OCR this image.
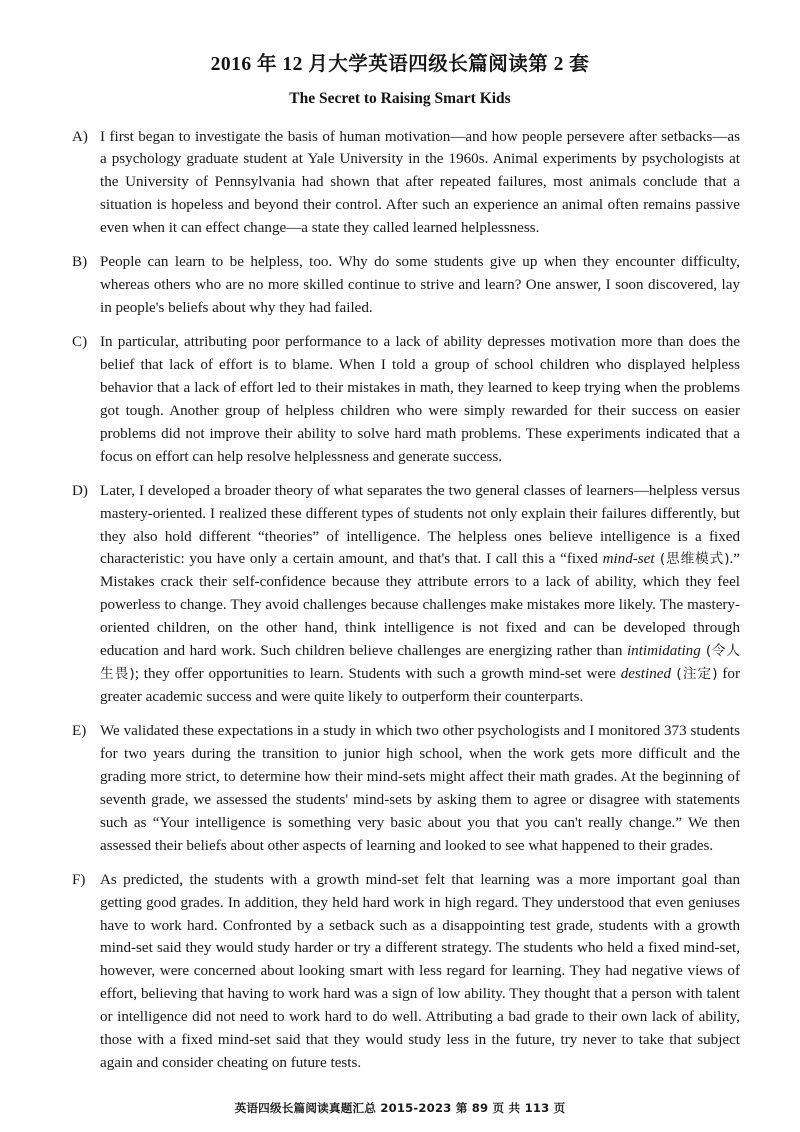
2016 年 12 月大学英语四级长篇阅读第 2 套
The Secret to Raising Smart Kids
A) I first began to investigate the basis of human motivation—and how people persevere after setbacks—as a psychology graduate student at Yale University in the 1960s. Animal experiments by psychologists at the University of Pennsylvania had shown that after repeated failures, most animals conclude that a situation is hopeless and beyond their control. After such an experience an animal often remains passive even when it can effect change—a state they called learned helplessness.
B) People can learn to be helpless, too. Why do some students give up when they encounter difficulty, whereas others who are no more skilled continue to strive and learn? One answer, I soon discovered, lay in people's beliefs about why they had failed.
C) In particular, attributing poor performance to a lack of ability depresses motivation more than does the belief that lack of effort is to blame. When I told a group of school children who displayed helpless behavior that a lack of effort led to their mistakes in math, they learned to keep trying when the problems got tough. Another group of helpless children who were simply rewarded for their success on easier problems did not improve their ability to solve hard math problems. These experiments indicated that a focus on effort can help resolve helplessness and generate success.
D) Later, I developed a broader theory of what separates the two general classes of learners—helpless versus mastery-oriented. I realized these different types of students not only explain their failures differently, but they also hold different “theories” of intelligence. The helpless ones believe intelligence is a fixed characteristic: you have only a certain amount, and that's that. I call this a “fixed mind-set (思维模式).” Mistakes crack their self-confidence because they attribute errors to a lack of ability, which they feel powerless to change. They avoid challenges because challenges make mistakes more likely. The mastery-oriented children, on the other hand, think intelligence is not fixed and can be developed through education and hard work. Such children believe challenges are energizing rather than intimidating (令人生畏); they offer opportunities to learn. Students with such a growth mind-set were destined (注定) for greater academic success and were quite likely to outperform their counterparts.
E) We validated these expectations in a study in which two other psychologists and I monitored 373 students for two years during the transition to junior high school, when the work gets more difficult and the grading more strict, to determine how their mind-sets might affect their math grades. At the beginning of seventh grade, we assessed the students' mind-sets by asking them to agree or disagree with statements such as “Your intelligence is something very basic about you that you can't really change.” We then assessed their beliefs about other aspects of learning and looked to see what happened to their grades.
F) As predicted, the students with a growth mind-set felt that learning was a more important goal than getting good grades. In addition, they held hard work in high regard. They understood that even geniuses have to work hard. Confronted by a setback such as a disappointing test grade, students with a growth mind-set said they would study harder or try a different strategy. The students who held a fixed mind-set, however, were concerned about looking smart with less regard for learning. They had negative views of effort, believing that having to work hard was a sign of low ability. They thought that a person with talent or intelligence did not need to work hard to do well. Attributing a bad grade to their own lack of ability, those with a fixed mind-set said that they would study less in the future, try never to take that subject again and consider cheating on future tests.
英语四级长篇阅读真题汇总 2015-2023 第 89 页 共 113 页
